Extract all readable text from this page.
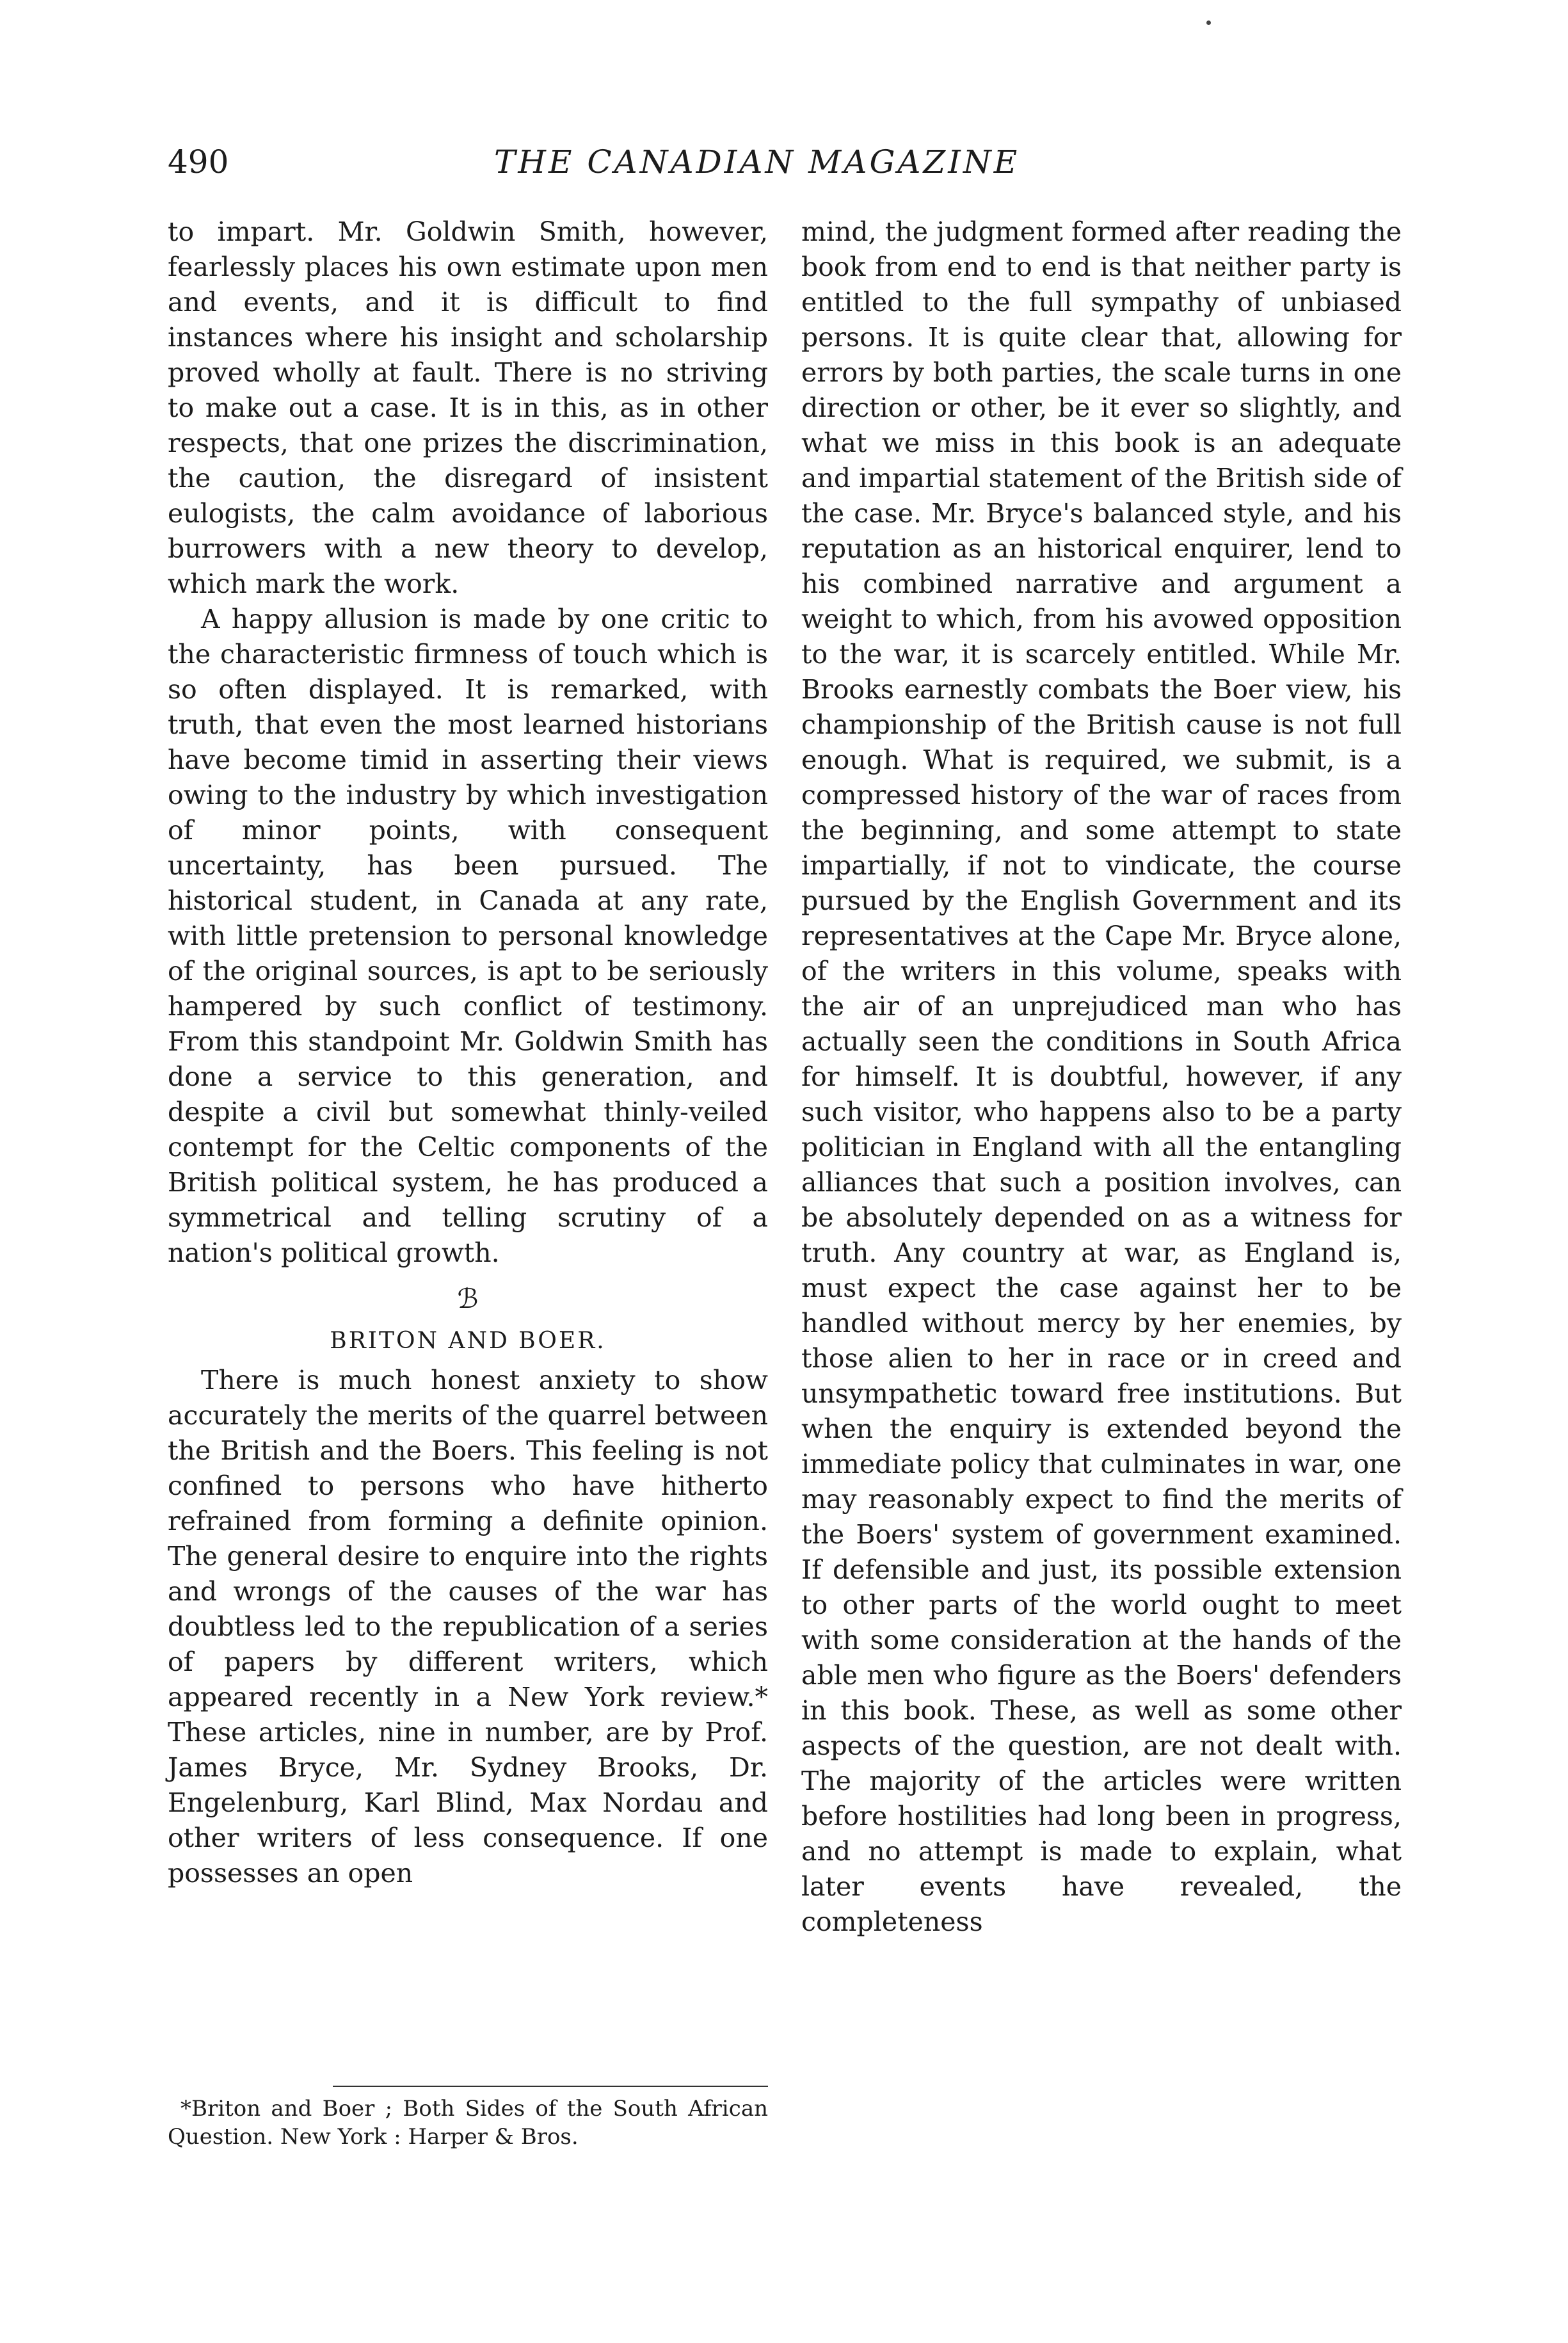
490	THE CANADIAN MAGAZINE

to impart. Mr. Goldwin Smith, however, fearlessly places his own estimate upon men and events, and it is difficult to find instances where his insight and scholarship proved wholly at fault. There is no striving to make out a case. It is in this, as in other respects, that one prizes the discrimination, the caution, the disregard of insistent eulogists, the calm avoidance of laborious burrowers with a new theory to develop, which mark the work.

A happy allusion is made by one critic to the characteristic firmness of touch which is so often displayed. It is remarked, with truth, that even the most learned historians have become timid in asserting their views owing to the industry by which investigation of minor points, with consequent uncertainty, has been pursued. The historical student, in Canada at any rate, with little pretension to personal knowledge of the original sources, is apt to be seriously hampered by such conflict of testimony. From this standpoint Mr. Goldwin Smith has done a service to this generation, and despite a civil but somewhat thinly-veiled contempt for the Celtic components of the British political system, he has produced a symmetrical and telling scrutiny of a nation's political growth.

ℬ
BRITON AND BOER.

There is much honest anxiety to show accurately the merits of the quarrel between the British and the Boers. This feeling is not confined to persons who have hitherto refrained from forming a definite opinion. The general desire to enquire into the rights and wrongs of the causes of the war has doubtless led to the republication of a series of papers by different writers, which appeared recently in a New York review.* These articles, nine in number, are by Prof. James Bryce, Mr. Sydney Brooks, Dr. Engelenburg, Karl Blind, Max Nordau and other writers of less consequence. If one possesses an open

*Briton and Boer ; Both Sides of the South African Question. New York : Harper & Bros.

mind, the judgment formed after reading the book from end to end is that neither party is entitled to the full sympathy of unbiased persons. It is quite clear that, allowing for errors by both parties, the scale turns in one direction or other, be it ever so slightly, and what we miss in this book is an adequate and impartial statement of the British side of the case. Mr. Bryce's balanced style, and his reputation as an historical enquirer, lend to his combined narrative and argument a weight to which, from his avowed opposition to the war, it is scarcely entitled. While Mr. Brooks earnestly combats the Boer view, his championship of the British cause is not full enough. What is required, we submit, is a compressed history of the war of races from the beginning, and some attempt to state impartially, if not to vindicate, the course pursued by the English Government and its representatives at the Cape Mr. Bryce alone, of the writers in this volume, speaks with the air of an unprejudiced man who has actually seen the conditions in South Africa for himself. It is doubtful, however, if any such visitor, who happens also to be a party politician in England with all the entangling alliances that such a position involves, can be absolutely depended on as a witness for truth. Any country at war, as England is, must expect the case against her to be handled without mercy by her enemies, by those alien to her in race or in creed and unsympathetic toward free institutions. But when the enquiry is extended beyond the immediate policy that culminates in war, one may reasonably expect to find the merits of the Boers' system of government examined. If defensible and just, its possible extension to other parts of the world ought to meet with some consideration at the hands of the able men who figure as the Boers' defenders in this book. These, as well as some other aspects of the question, are not dealt with. The majority of the articles were written before hostilities had long been in progress, and no attempt is made to explain, what later events have revealed, the completeness
